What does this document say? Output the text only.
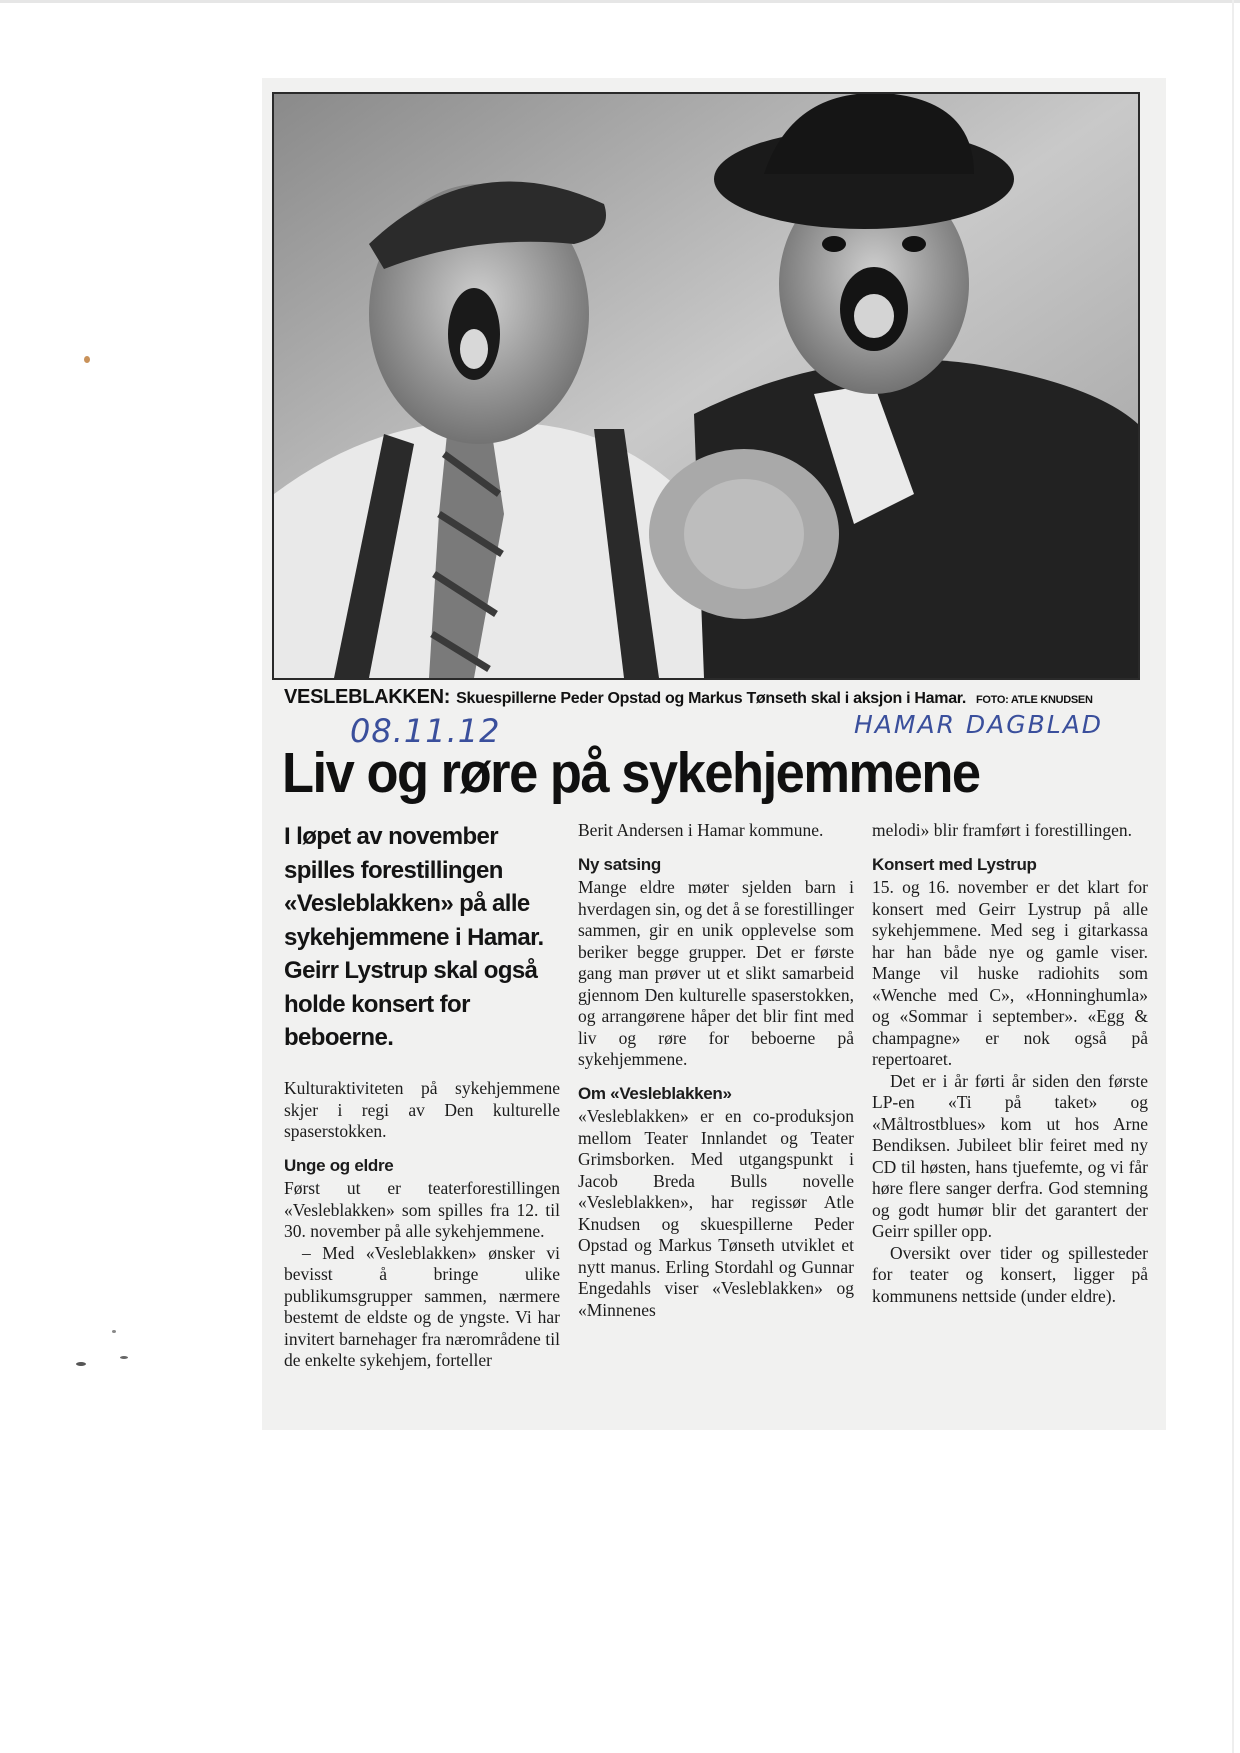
VESLEBLAKKEN: Skuespillerne Peder Opstad og Markus Tønseth skal i aksjon i Hamar. FOTO: ATLE KNUDSEN
08.11.12	HAMAR DAGBLAD
Liv og røre på sykehjemmene
I løpet av november spilles forestillingen «Vesleblakken» på alle sykehjemmene i Hamar. Geirr Lystrup skal også holde konsert for beboerne.

Kulturaktiviteten på sykehjemmene skjer i regi av Den kulturelle spaserstokken.

Unge og eldre

Først ut er teaterforestillingen «Vesleblakken» som spilles fra 12. til 30. november på alle sykehjemmene.

– Med «Vesleblakken» ønsker vi bevisst å bringe ulike publikumsgrupper sammen, nærmere bestemt de eldste og de yngste. Vi har invitert barnehager fra nærområdene til de enkelte sykehjem, forteller

Berit Andersen i Hamar kommune.

Ny satsing

Mange eldre møter sjelden barn i hverdagen sin, og det å se forestillinger sammen, gir en unik opplevelse som beriker begge grupper. Det er første gang man prøver ut et slikt samarbeid gjennom Den kulturelle spaserstokken, og arrangørene håper det blir fint med liv og røre for beboerne på sykehjemmene.

Om «Vesleblakken»

«Vesleblakken» er en co-produksjon mellom Teater Innlandet og Teater Grimsborken. Med utgangspunkt i Jacob Breda Bulls novelle «Vesleblakken», har regissør Atle Knudsen og skuespillerne Peder Opstad og Markus Tønseth utviklet et nytt manus. Erling Stordahl og Gunnar Engedahls viser «Vesleblakken» og «Minnenes

melodi» blir framført i forestillingen.

Konsert med Lystrup

15. og 16. november er det klart for konsert med Geirr Lystrup på alle sykehjemmene. Med seg i gitarkassa har han både nye og gamle viser. Mange vil huske radiohits som «Wenche med C», «Honninghumla» og «Sommar i september». «Egg & champagne» er nok også på repertoaret.

Det er i år førti år siden den første LP-en «Ti på taket» og «Måltrostblues» kom ut hos Arne Bendiksen. Jubileet blir feiret med ny CD til høsten, hans tjuefemte, og vi får høre flere sanger derfra. God stemning og godt humør blir det garantert der Geirr spiller opp.

Oversikt over tider og spillesteder for teater og konsert, ligger på kommunens nettside (under eldre).
